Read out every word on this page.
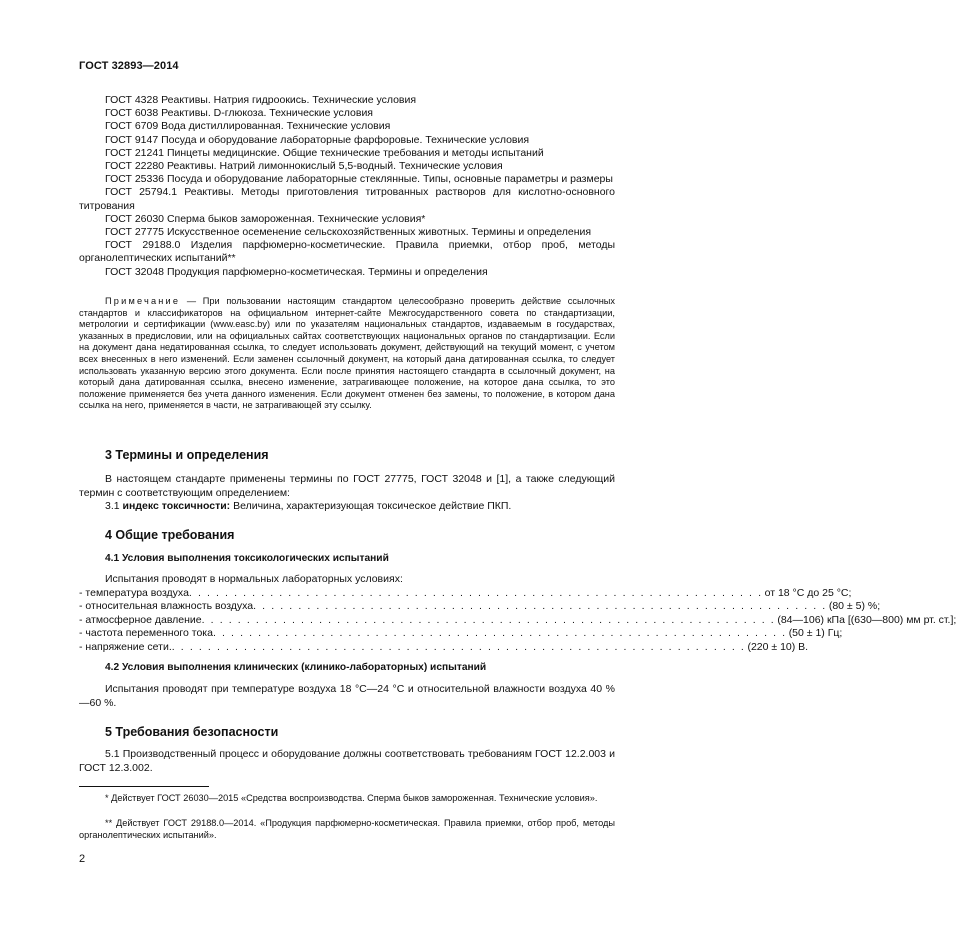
ГОСТ 32893—2014

ГОСТ 4328 Реактивы. Натрия гидроокись. Технические условия

ГОСТ 6038 Реактивы. D-глюкоза. Технические условия

ГОСТ 6709 Вода дистиллированная. Технические условия

ГОСТ 9147 Посуда и оборудование лабораторные фарфоровые. Технические условия

ГОСТ 21241 Пинцеты медицинские. Общие технические требования и методы испытаний

ГОСТ 22280 Реактивы. Натрий лимоннокислый 5,5-водный. Технические условия

ГОСТ 25336 Посуда и оборудование лабораторные стеклянные. Типы, основные параметры и размеры

ГОСТ 25794.1 Реактивы. Методы приготовления титрованных растворов для кислотно-основного титрования

ГОСТ 26030 Сперма быков замороженная. Технические условия*

ГОСТ 27775 Искусственное осеменение сельскохозяйственных животных. Термины и определения

ГОСТ 29188.0 Изделия парфюмерно-косметические. Правила приемки, отбор проб, методы органолептических испытаний**

ГОСТ 32048 Продукция парфюмерно-косметическая. Термины и определения

Примечание — При пользовании настоящим стандартом целесообразно проверить действие ссылочных стандартов и классификаторов на официальном интернет-сайте Межгосударственного совета по стандартизации, метрологии и сертификации (www.easc.by) или по указателям национальных стандартов, издаваемым в государствах, указанных в предисловии, или на официальных сайтах соответствующих национальных органов по стандартизации. Если на документ дана недатированная ссылка, то следует использовать документ, действующий на текущий момент, с учетом всех внесенных в него изменений. Если заменен ссылочный документ, на который дана датированная ссылка, то следует использовать указанную версию этого документа. Если после принятия настоящего стандарта в ссылочный документ, на который дана датированная ссылка, внесено изменение, затрагивающее положение, на которое дана ссылка, то это положение применяется без учета данного изменения. Если документ отменен без замены, то положение, в котором дана ссылка на него, применяется в части, не затрагивающей эту ссылку.
3 Термины и определения

В настоящем стандарте применены термины по ГОСТ 27775, ГОСТ 32048 и [1], а также следующий термин с соответствующим определением:

3.1 индекс токсичности: Величина, характеризующая токсическое действие ПКП.

4 Общие требования
4.1 Условия выполнения токсикологических испытаний

Испытания проводят в нормальных лабораторных условиях:

- температура воздуха . . . . . . . . . . . . . . . . . . . . . . . . . . . . . . . . . . . . . . . . . . . . . . . . . . . . . . . . . . . . . . . . от 18 °С до 25 °С;
- относительная влажность воздуха . . . . . . . . . . . . . . . . . . . . . . . . . . . . . . . . . . . . . . . . . . . . . . . . . . . . . . . . . . . . . . . . (80 ± 5) %;
- атмосферное давление . . . . . . . . . . . . . . . . . . . . . . . . . . . . . . . . . . . . . . . . . . . . . . . . . . . . . . . . . . . . . . . . (84—106) кПа [(630—800) мм рт. ст.];
- частота переменного тока . . . . . . . . . . . . . . . . . . . . . . . . . . . . . . . . . . . . . . . . . . . . . . . . . . . . . . . . . . . . . . . . (50 ± 1) Гц;
- напряжение сети. . . . . . . . . . . . . . . . . . . . . . . . . . . . . . . . . . . . . . . . . . . . . . . . . . . . . . . . . . . . . . . . . (220 ± 10) В.
4.2 Условия выполнения клинических (клинико-лабораторных) испытаний

Испытания проводят при температуре воздуха 18 °С—24 °С и относительной влажности воздуха 40 %—60 %.

5 Требования безопасности

5.1 Производственный процесс и оборудование должны соответствовать требованиям ГОСТ 12.2.003 и ГОСТ 12.3.002.

* Действует ГОСТ 26030—2015 «Средства воспроизводства. Сперма быков замороженная. Технические условия».
** Действует ГОСТ 29188.0—2014. «Продукция парфюмерно-косметическая. Правила приемки, отбор проб, методы органолептических испытаний».
2
